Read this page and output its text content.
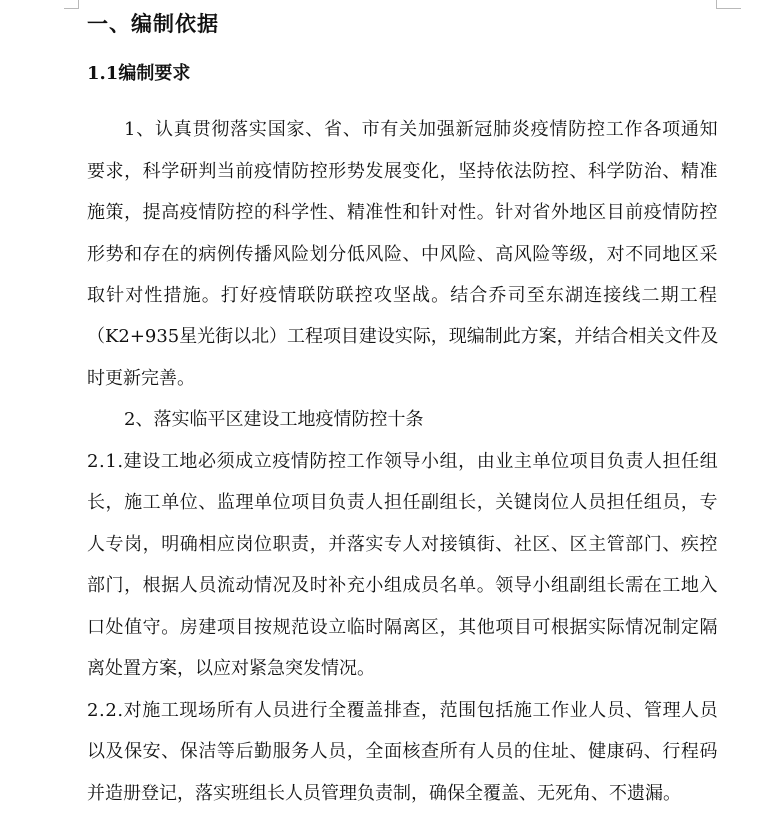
一、编制依据
1.1编制要求
1、认真贯彻落实国家、省、市有关加强新冠肺炎疫情防控工作各项通知
要求，科学研判当前疫情防控形势发展变化，坚持依法防控、科学防治、精准
施策，提高疫情防控的科学性、精准性和针对性。针对省外地区目前疫情防控
形势和存在的病例传播风险划分低风险、中风险、高风险等级，对不同地区采
取针对性措施。打好疫情联防联控攻坚战。结合乔司至东湖连接线二期工程
（K2+935星光街以北）工程项目建设实际，现编制此方案，并结合相关文件及
时更新完善。
2、落实临平区建设工地疫情防控十条
2.1.建设工地必须成立疫情防控工作领导小组，由业主单位项目负责人担任组
长，施工单位、监理单位项目负责人担任副组长，关键岗位人员担任组员，专
人专岗，明确相应岗位职责，并落实专人对接镇街、社区、区主管部门、疾控
部门，根据人员流动情况及时补充小组成员名单。领导小组副组长需在工地入
口处值守。房建项目按规范设立临时隔离区，其他项目可根据实际情况制定隔
离处置方案，以应对紧急突发情况。
2.2.对施工现场所有人员进行全覆盖排查，范围包括施工作业人员、管理人员
以及保安、保洁等后勤服务人员，全面核查所有人员的住址、健康码、行程码
并造册登记，落实班组长人员管理负责制，确保全覆盖、无死角、不遗漏。
